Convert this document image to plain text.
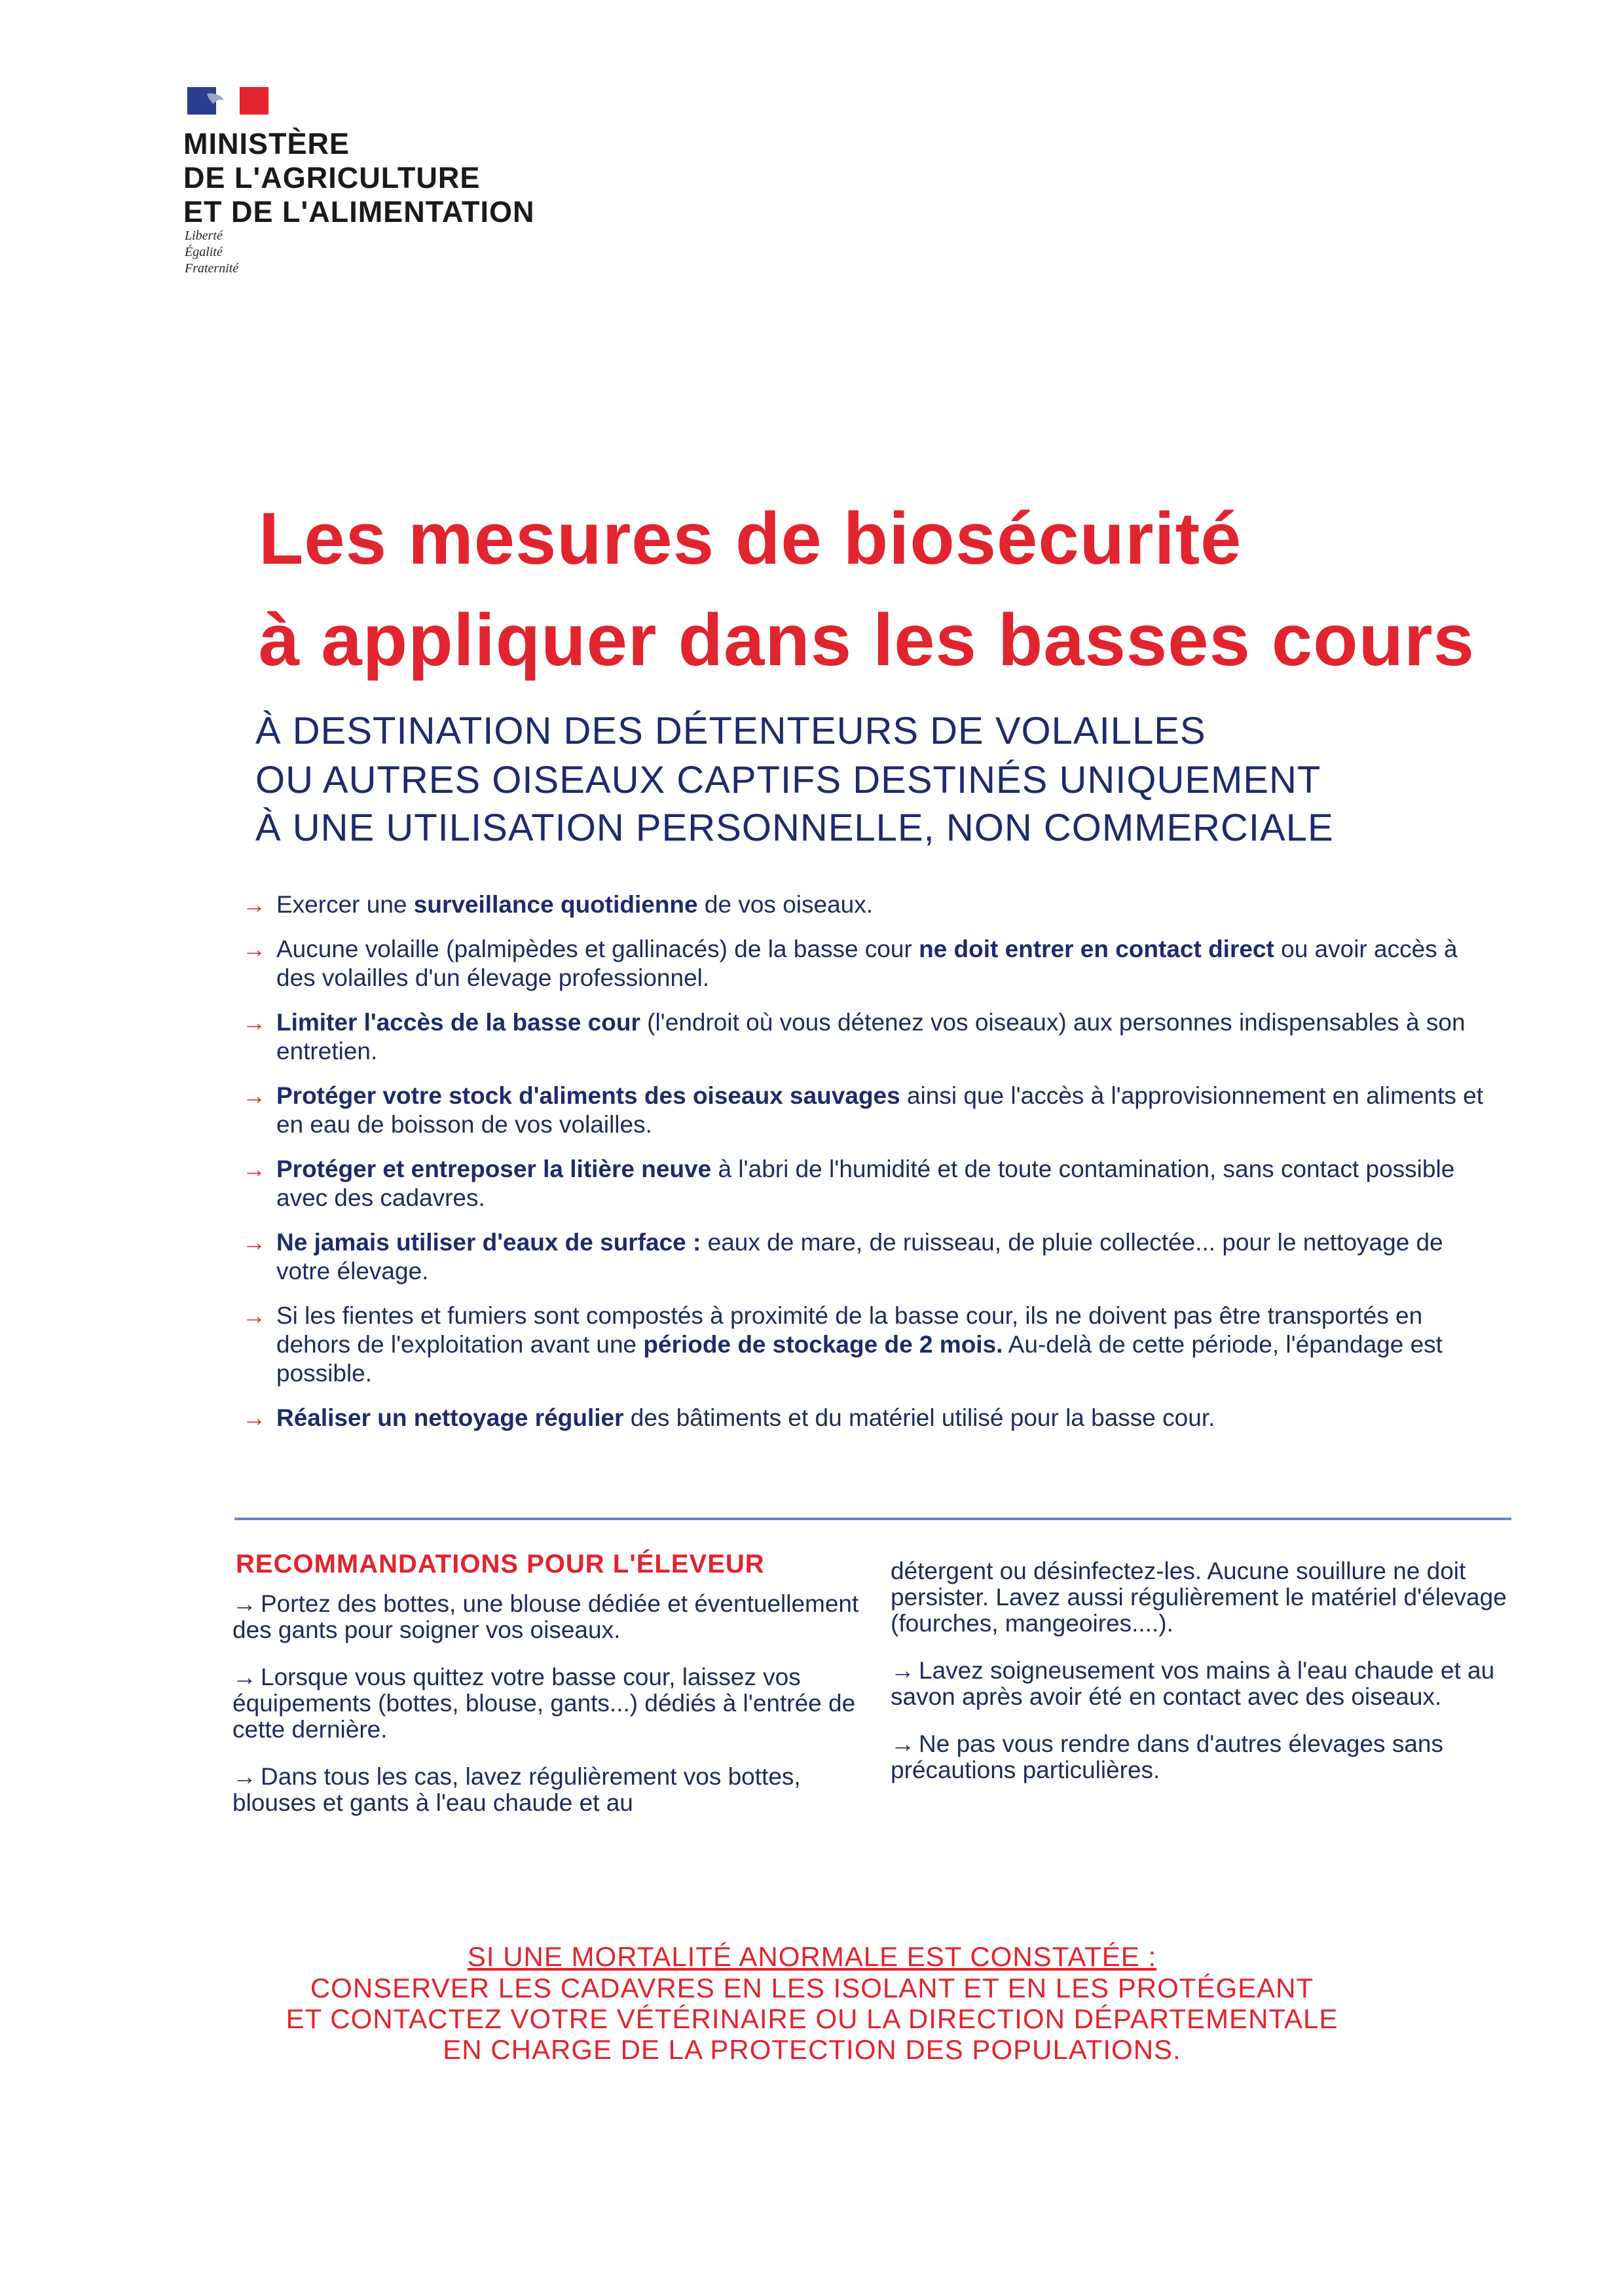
MINISTÈRE
DE L'AGRICULTURE
ET DE L'ALIMENTATION
Liberté
Égalité
Fraternité
Les mesures de biosécurité
à appliquer dans les basses cours
À DESTINATION DES DÉTENTEURS DE VOLAILLES
OU AUTRES OISEAUX CAPTIFS DESTINÉS UNIQUEMENT
À UNE UTILISATION PERSONNELLE, NON COMMERCIALE
→ Exercer une surveillance quotidienne de vos oiseaux.
→ Aucune volaille (palmipèdes et gallinacés) de la basse cour ne doit entrer en contact direct ou avoir accès à des volailles d'un élevage professionnel.
→ Limiter l'accès de la basse cour (l'endroit où vous détenez vos oiseaux) aux personnes indispensables à son entretien.
→ Protéger votre stock d'aliments des oiseaux sauvages ainsi que l'accès à l'approvisionnement en aliments et en eau de boisson de vos volailles.
→ Protéger et entreposer la litière neuve à l'abri de l'humidité et de toute contamination, sans contact possible avec des cadavres.
→ Ne jamais utiliser d'eaux de surface : eaux de mare, de ruisseau, de pluie collectée... pour le nettoyage de votre élevage.
→ Si les fientes et fumiers sont compostés à proximité de la basse cour, ils ne doivent pas être transportés en dehors de l'exploitation avant une période de stockage de 2 mois. Au-delà de cette période, l'épandage est possible.
→ Réaliser un nettoyage régulier des bâtiments et du matériel utilisé pour la basse cour.
RECOMMANDATIONS POUR L'ÉLEVEUR
→ Portez des bottes, une blouse dédiée et éventuellement des gants pour soigner vos oiseaux.
→ Lorsque vous quittez votre basse cour, laissez vos équipements (bottes, blouse, gants...) dédiés à l'entrée de cette dernière.
→ Dans tous les cas, lavez régulièrement vos bottes, blouses et gants à l'eau chaude et au
détergent ou désinfectez-les. Aucune souillure ne doit persister. Lavez aussi régulièrement le matériel d'élevage (fourches, mangeoires....).
→ Lavez soigneusement vos mains à l'eau chaude et au savon après avoir été en contact avec des oiseaux.
→ Ne pas vous rendre dans d'autres élevages sans précautions particulières.
SI UNE MORTALITÉ ANORMALE EST CONSTATÉE :
CONSERVER LES CADAVRES EN LES ISOLANT ET EN LES PROTÉGEANT
ET CONTACTEZ VOTRE VÉTÉRINAIRE OU LA DIRECTION DÉPARTEMENTALE
EN CHARGE DE LA PROTECTION DES POPULATIONS.
